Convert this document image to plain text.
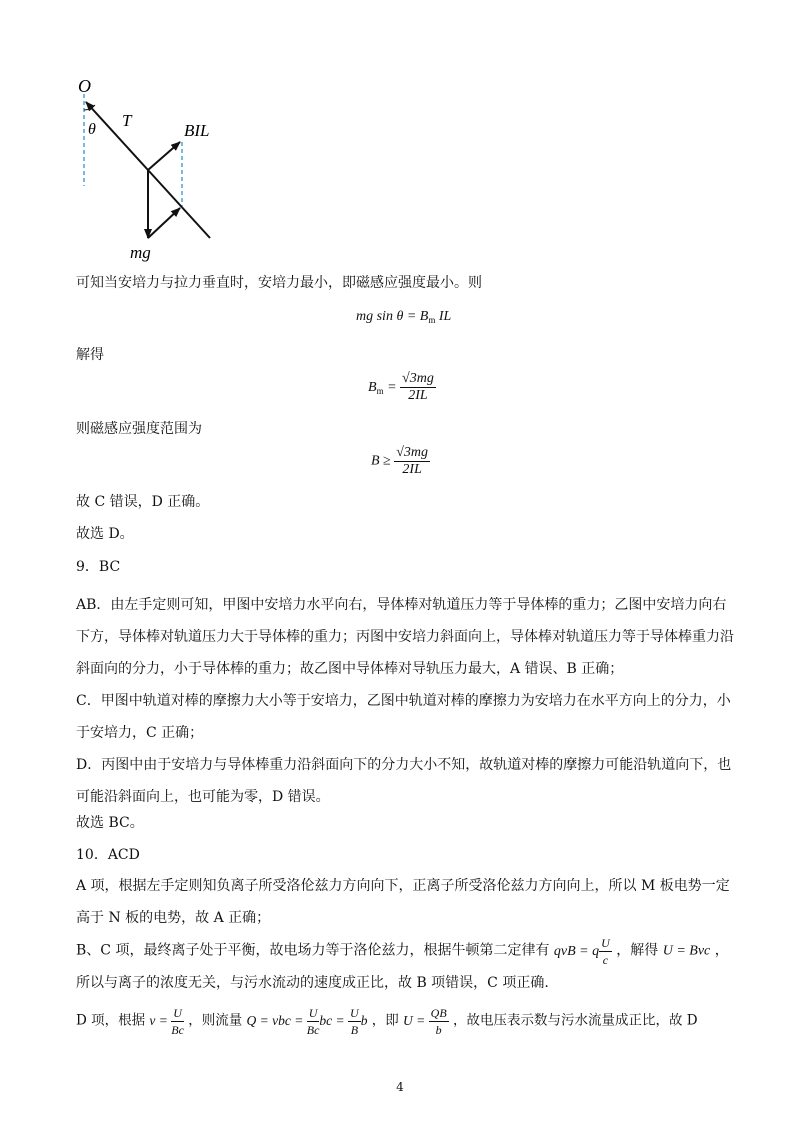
O
θ T
BIL
mg
可知当安培力与拉力垂直时，安培力最小，即磁感应强度最小。则
mg $\sin \theta = B_m$ IL
解得
$B_m = \frac{√3mg}{2IL}$
则磁感应强度范围为
$B \ge \frac{√3mg}{2IL}$
故 C 错误，D 正确。
故选 D。
9．BC
AB．由左手定则可知，甲图中安培力水平向右，导体棒对轨道压力等于导体棒的重力；乙图中安培力向右下方，导体棒对轨道压力大于导体棒的重力；丙图中安培力斜面向上，导体棒对轨道压力等于导体棒重力沿斜面向的分力，小于导体棒的重力；故乙图中导体棒对导轨压力最大，A 错误、B 正确；
C．甲图中轨道对棒的摩擦力大小等于安培力，乙图中轨道对棒的摩擦力为安培力在水平方向上的分力，小于安培力，C 正确；
D．丙图中由于安培力与导体棒重力沿斜面向下的分力大小不知，故轨道对棒的摩擦力可能沿轨道向下，也可能沿斜面向上，也可能为零，D 错误。
故选 BC。
10．ACD
A 项，根据左手定则知负离子所受洛伦兹力方向向下，正离子所受洛伦兹力方向向上，所以 M 板电势一定高于 N 板的电势，故 A 正确；
B、C 项，最终离子处于平衡，故电场力等于洛伦兹力，根据牛顿第二定律有 qvB = q $\frac{U}{c}$ ，解得 U = Bvc ，
所以与离子的浓度无关，与污水流动的速度成正比，故 B 项错误，C 项正确.
D 项，根据 $v = \frac{U}{Bc}$ ，则流量 Q = vbc = $\frac{U}{Bc}$ bc = $\frac{U}{B}$ b ，即 $U = \frac{QB}{b}$ ，故电压表示数与污水流量成正比，故 D
4
